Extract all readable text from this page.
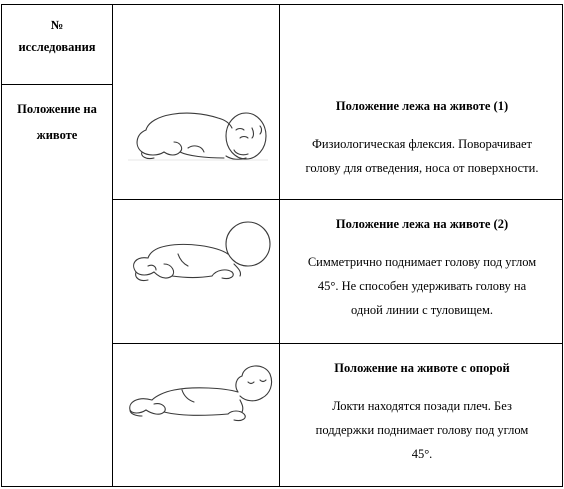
№
исследования
Положение на
животе
Положение лежа на животе (1)
Физиологическая флексия. Поворачивает
голову для отведения, носа от поверхности.
Положение лежа на животе (2)
Симметрично поднимает голову под углом
45°. Не способен удерживать голову на
одной линии с туловищем.
Положение на животе с опорой
Локти находятся позади плеч. Без
поддержки поднимает голову под углом
45°.
